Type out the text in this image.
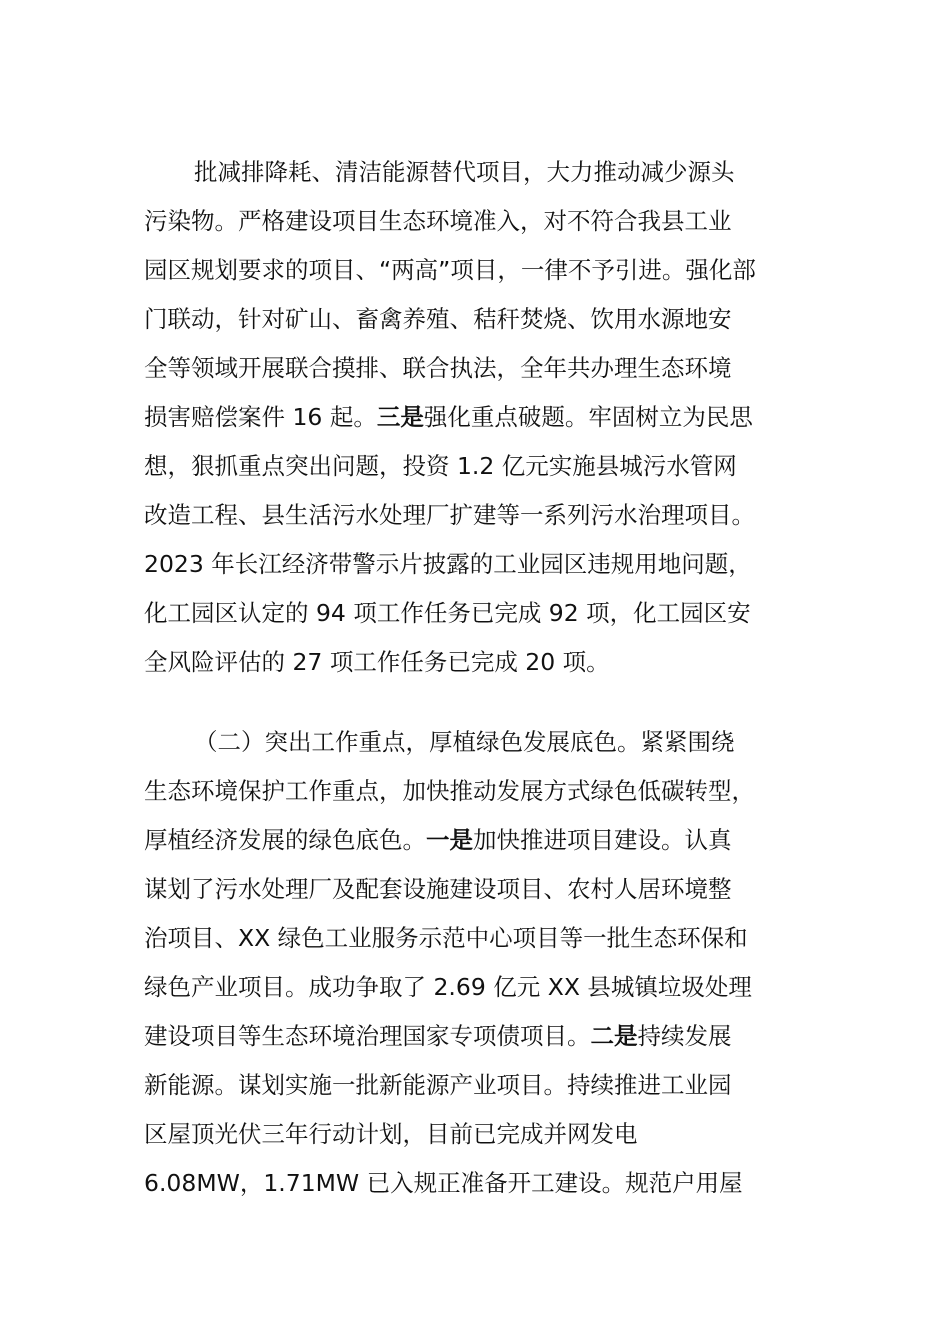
批减排降耗、清洁能源替代项目，大力推动减少源头
污染物。严格建设项目生态环境准入，对不符合我县工业
园区规划要求的项目、“两高”项目，一律不予引进。强化部
门联动，针对矿山、畜禽养殖、秸秆焚烧、饮用水源地安
全等领域开展联合摸排、联合执法，全年共办理生态环境
损害赔偿案件 16 起。三是强化重点破题。牢固树立为民思
想，狠抓重点突出问题，投资 1.2 亿元实施县城污水管网
改造工程、县生活污水处理厂扩建等一系列污水治理项目。
2023 年长江经济带警示片披露的工业园区违规用地问题，
化工园区认定的 94 项工作任务已完成 92 项，化工园区安
全风险评估的 27 项工作任务已完成 20 项。
（二）突出工作重点，厚植绿色发展底色。紧紧围绕
生态环境保护工作重点，加快推动发展方式绿色低碳转型，
厚植经济发展的绿色底色。一是加快推进项目建设。认真
谋划了污水处理厂及配套设施建设项目、农村人居环境整
治项目、XX 绿色工业服务示范中心项目等一批生态环保和
绿色产业项目。成功争取了 2.69 亿元 XX 县城镇垃圾处理
建设项目等生态环境治理国家专项债项目。二是持续发展
新能源。谋划实施一批新能源产业项目。持续推进工业园
区屋顶光伏三年行动计划，目前已完成并网发电
6.08MW，1.71MW 已入规正准备开工建设。规范户用屋
